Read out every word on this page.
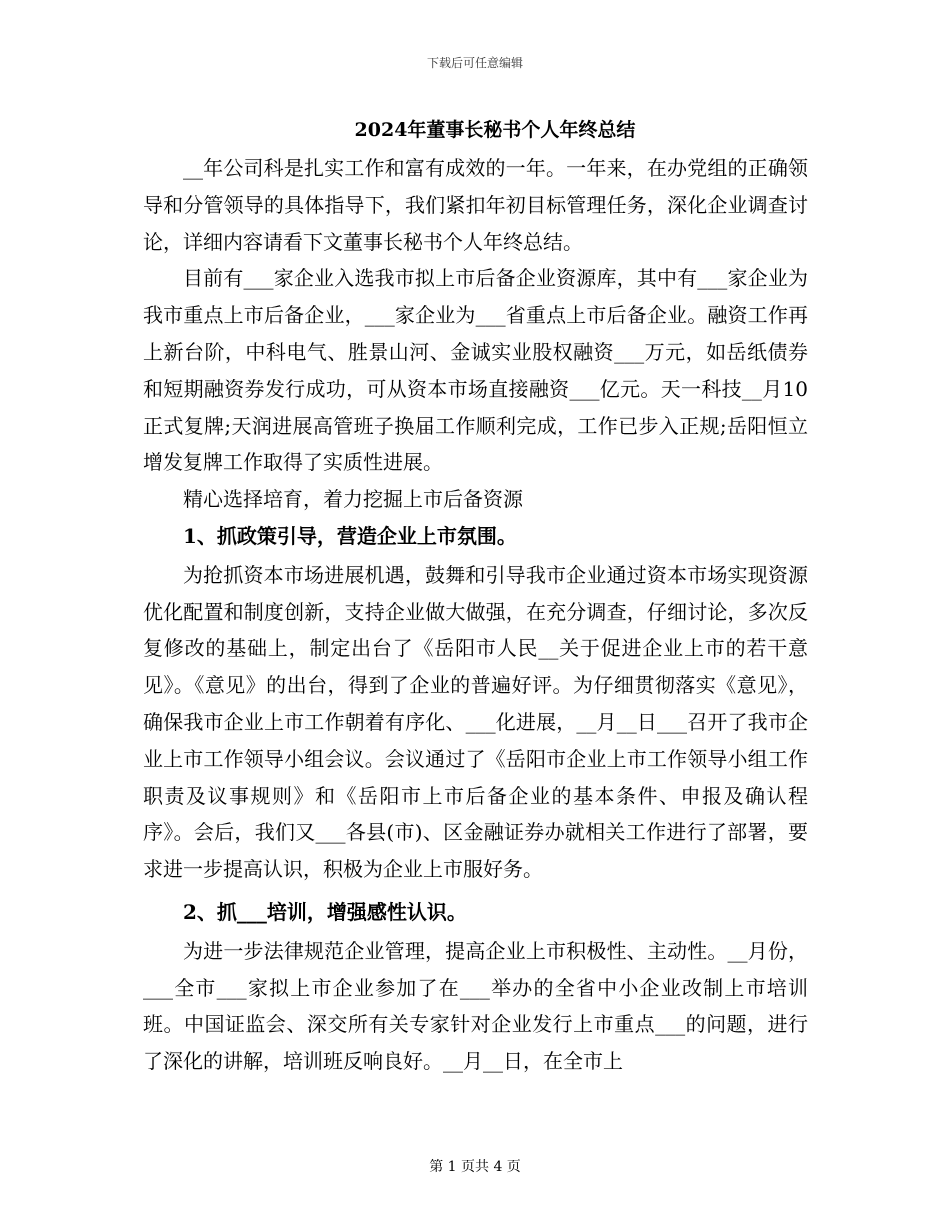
下载后可任意编辑
2024年董事长秘书个人年终总结

__年公司科是扎实工作和富有成效的一年。一年来，在办党组的正确领导和分管领导的具体指导下，我们紧扣年初目标管理任务，深化企业调查讨论，详细内容请看下文董事长秘书个人年终总结。

目前有___家企业入选我市拟上市后备企业资源库，其中有___家企业为我市重点上市后备企业，___家企业为___省重点上市后备企业。融资工作再上新台阶，中科电气、胜景山河、金诚实业股权融资___万元，如岳纸债券和短期融资券发行成功，可从资本市场直接融资___亿元。天一科技__月10正式复牌;天润进展高管班子换届工作顺利完成，工作已步入正规;岳阳恒立增发复牌工作取得了实质性进展。

精心选择培育，着力挖掘上市后备资源

1、抓政策引导，营造企业上市氛围。

为抢抓资本市场进展机遇，鼓舞和引导我市企业通过资本市场实现资源优化配置和制度创新，支持企业做大做强，在充分调查，仔细讨论，多次反复修改的基础上，制定出台了《岳阳市人民__关于促进企业上市的若干意见》。《意见》的出台，得到了企业的普遍好评。为仔细贯彻落实《意见》，确保我市企业上市工作朝着有序化、___化进展，__月__日___召开了我市企业上市工作领导小组会议。会议通过了《岳阳市企业上市工作领导小组工作职责及议事规则》和《岳阳市上市后备企业的基本条件、申报及确认程序》。会后，我们又___各县(市)、区金融证券办就相关工作进行了部署，要求进一步提高认识，积极为企业上市服好务。

2、抓___培训，增强感性认识。

为进一步法律规范企业管理，提高企业上市积极性、主动性。__月份，___全市___家拟上市企业参加了在___举办的全省中小企业改制上市培训班。中国证监会、深交所有关专家针对企业发行上市重点___的问题，进行了深化的讲解，培训班反响良好。__月__日，在全市上

第 1 页共 4 页
